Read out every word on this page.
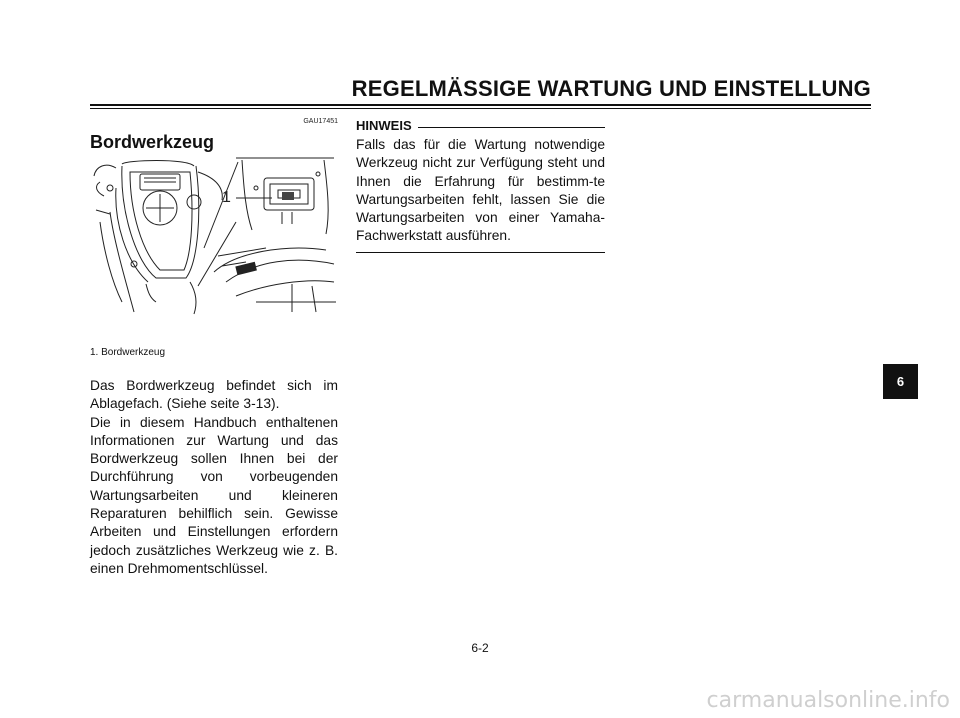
REGELMÄSSIGE WARTUNG UND EINSTELLUNG
GAU17451
Bordwerkzeug
1
1. Bordwerkzeug

Das Bordwerkzeug befindet sich im Ablagefach. (Siehe seite 3-13).

Die in diesem Handbuch enthaltenen Informationen zur Wartung und das Bordwerkzeug sollen Ihnen bei der Durchführung von vorbeugenden Wartungsarbeiten und kleineren Reparaturen behilflich sein. Gewisse Arbeiten und Einstellungen erfordern jedoch zusätzliches Werkzeug wie z. B. einen Drehmomentschlüssel.

HINWEIS
Falls das für die Wartung notwendige Werkzeug nicht zur Verfügung steht und Ihnen die Erfahrung für bestimm-te Wartungsarbeiten fehlt, lassen Sie die Wartungsarbeiten von einer Yamaha-Fachwerkstatt ausführen.
6-2
6
carmanualsonline.info
